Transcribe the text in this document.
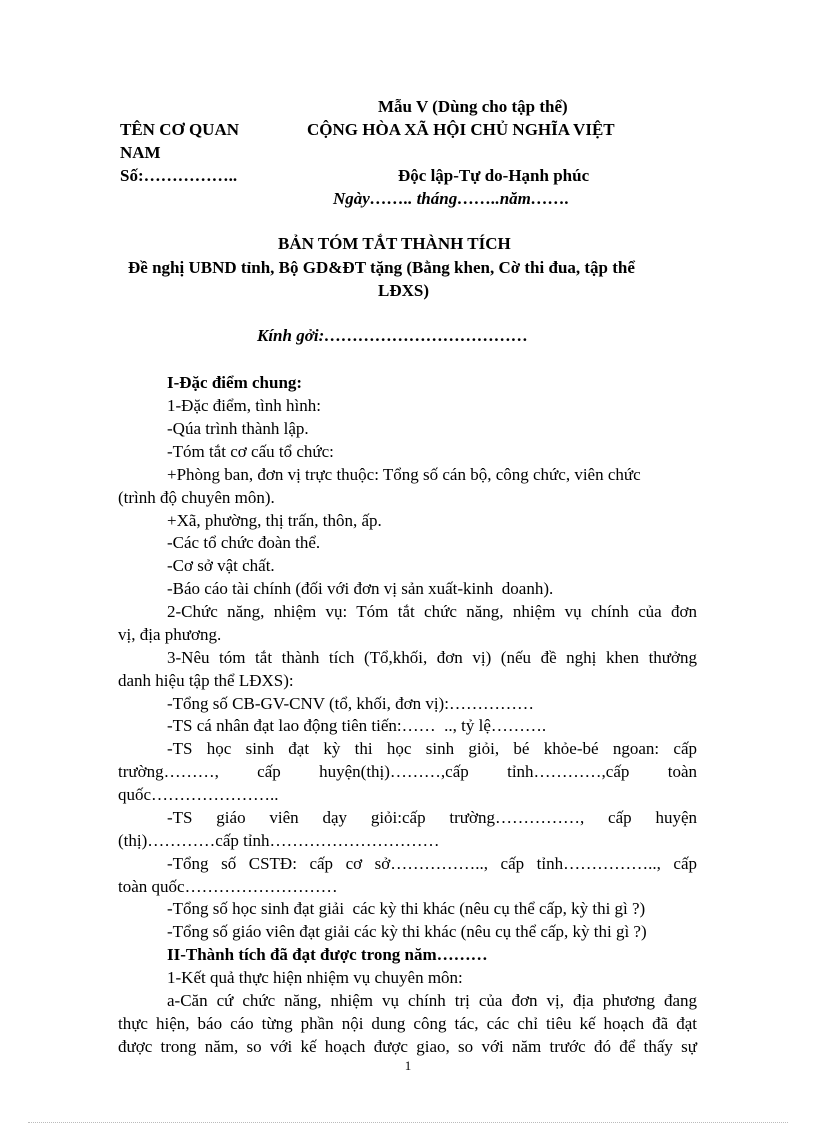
Mẫu V (Dùng cho tập thể)
TÊN CƠ QUAN	CỘNG HÒA XÃ HỘI CHỦ NGHĨA VIỆT
NAM
Số:……………..	Độc lập-Tự do-Hạnh phúc
Ngày…….. tháng……..năm…….
BẢN TÓM TẮT THÀNH TÍCH
Đề nghị UBND tỉnh, Bộ GD&ĐT tặng (Bằng khen, Cờ thi đua, tập thể
LĐXS)
Kính gởi:………………………………
I-Đặc điểm chung:
1-Đặc điểm, tình hình:
-Qúa trình thành lập.
-Tóm tắt cơ cấu tổ chức:
+Phòng ban, đơn vị trực thuộc: Tổng số cán bộ, công chức, viên chức
(trình độ chuyên môn).
+Xã, phường, thị trấn, thôn, ấp.
-Các tổ chức đoàn thể.
-Cơ sở vật chất.
-Báo cáo tài chính (đối với đơn vị sản xuất-kinh  doanh).
2-Chức năng, nhiệm vụ: Tóm tắt chức năng, nhiệm vụ chính của đơn
vị, địa phương.
3-Nêu tóm tắt thành tích (Tổ,khối, đơn vị) (nếu đề nghị khen thưởng
danh hiệu tập thể LĐXS):
-Tổng số CB-GV-CNV (tổ, khối, đơn vị):……………
-TS cá nhân đạt lao động tiên tiến:……  .., tỷ lệ……….
-TS học sinh đạt kỳ thi học sinh giỏi, bé khỏe-bé ngoan: cấp
trường………, cấp huyện(thị)………,cấp tỉnh…………,cấp toàn
quốc…………………..
-TS giáo viên dạy giỏi:cấp trường……………, cấp huyện
(thị)…………cấp tỉnh…………………………
-Tổng số CSTĐ: cấp cơ sở…………….., cấp tỉnh…………….., cấp
toàn quốc………………………
-Tổng số học sinh đạt giải  các kỳ thi khác (nêu cụ thể cấp, kỳ thi gì ?)
-Tổng số giáo viên đạt giải các kỳ thi khác (nêu cụ thể cấp, kỳ thi gì ?)
II-Thành tích đã đạt được trong năm………
1-Kết quả thực hiện nhiệm vụ chuyên môn:
a-Căn cứ chức năng, nhiệm vụ chính trị của đơn vị, địa phương đang
thực hiện, báo cáo từng phần nội dung công tác, các chỉ tiêu kế hoạch đã đạt
được trong năm, so với kế hoạch được giao, so với năm trước đó để thấy sự
1
